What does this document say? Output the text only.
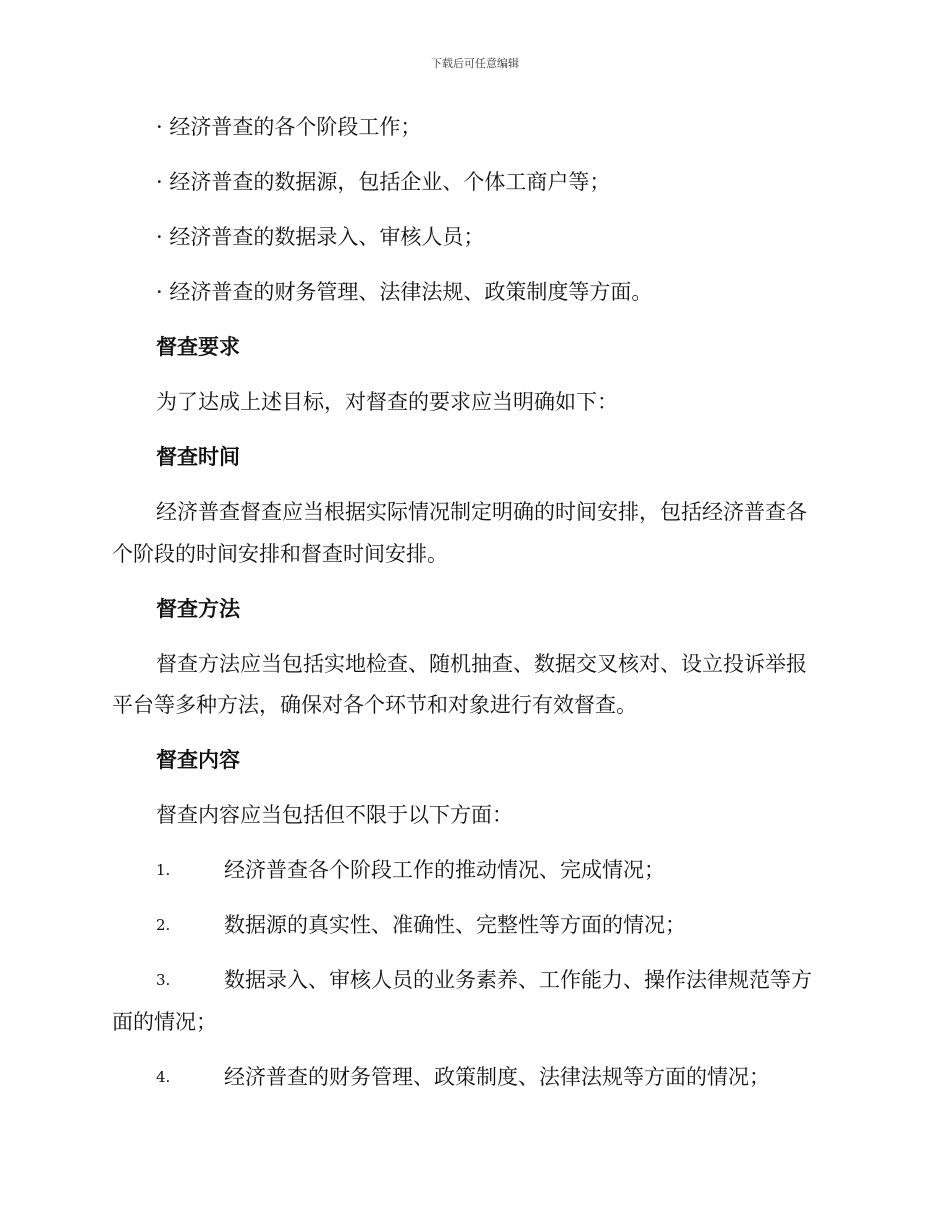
下载后可任意编辑
· 经济普查的各个阶段工作；
· 经济普查的数据源，包括企业、个体工商户等；
· 经济普查的数据录入、审核人员；
· 经济普查的财务管理、法律法规、政策制度等方面。
督查要求
为了达成上述目标，对督查的要求应当明确如下：
督查时间
经济普查督查应当根据实际情况制定明确的时间安排，包括经济普查各
个阶段的时间安排和督查时间安排。
督查方法
督查方法应当包括实地检查、随机抽查、数据交叉核对、设立投诉举报
平台等多种方法，确保对各个环节和对象进行有效督查。
督查内容
督查内容应当包括但不限于以下方面：
1.	经济普查各个阶段工作的推动情况、完成情况；
2.	数据源的真实性、准确性、完整性等方面的情况；
3.	数据录入、审核人员的业务素养、工作能力、操作法律规范等方
面的情况；
4.	经济普查的财务管理、政策制度、法律法规等方面的情况；
